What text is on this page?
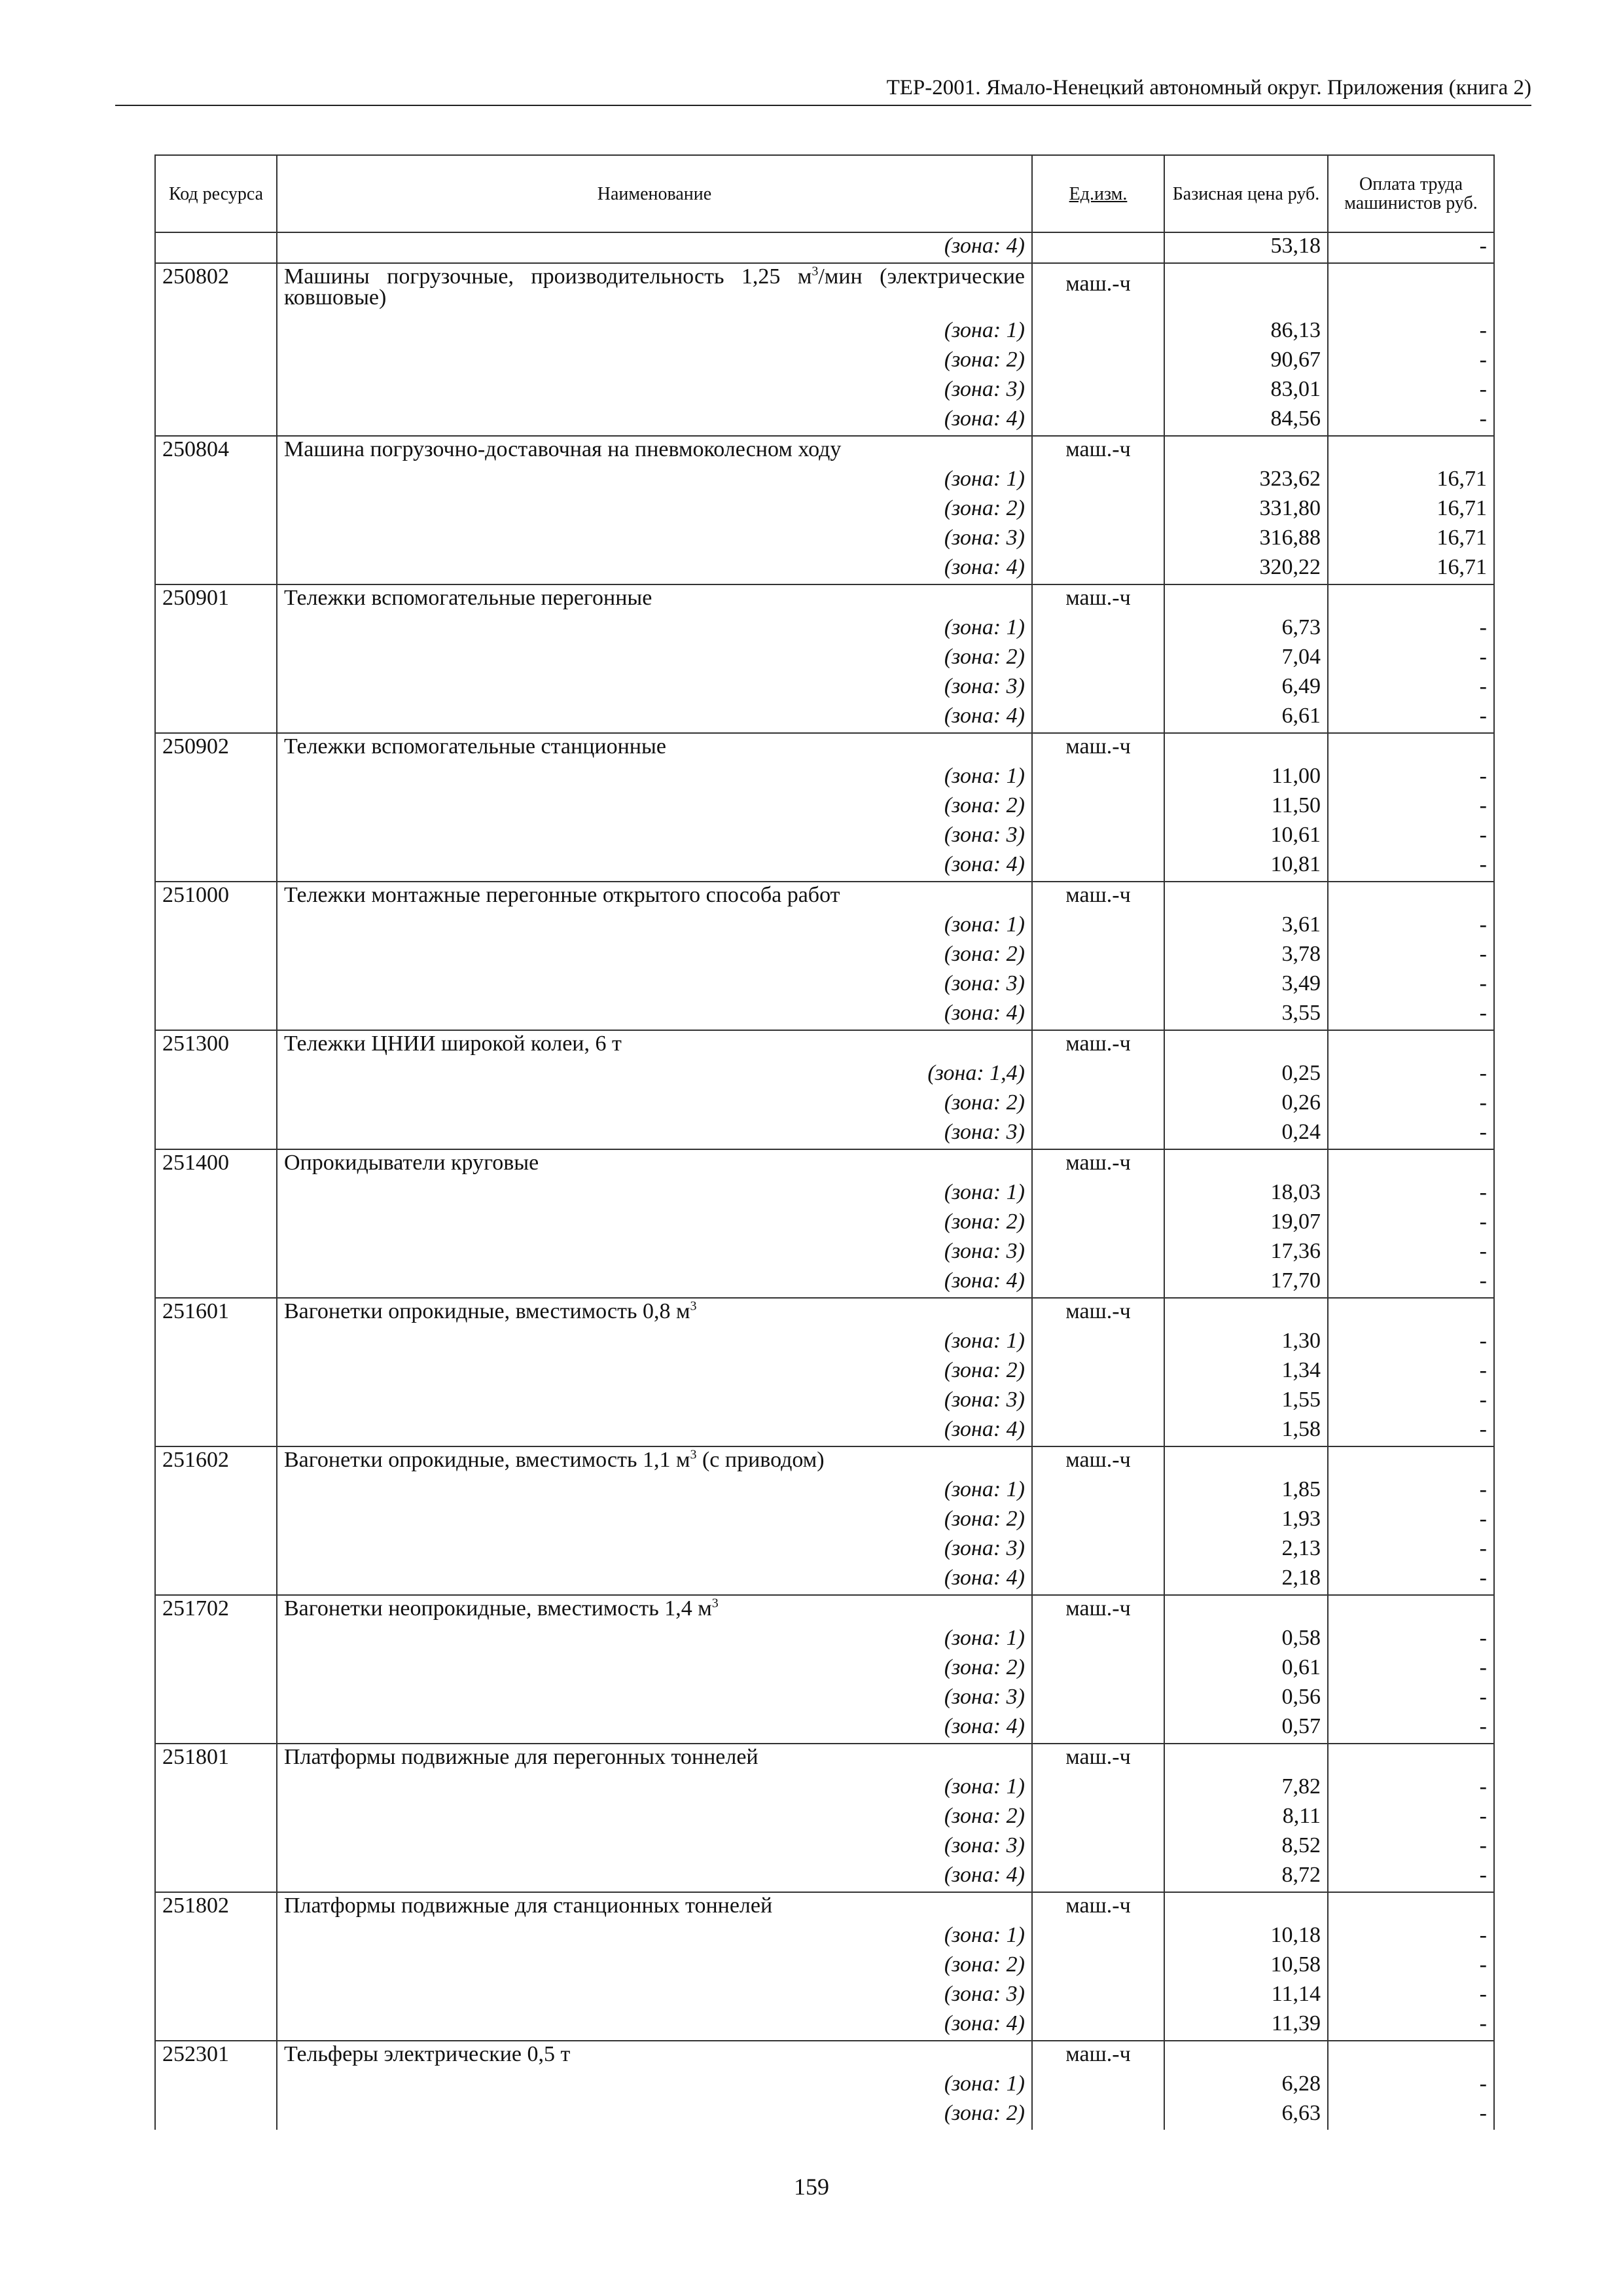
ТЕР-2001. Ямало-Ненецкий автономный округ. Приложения (книга 2)
Код ресурса	Наименование	Ед.изм.	Базисная цена руб.	Оплата труда машинистов руб.
	(зона: 4)		53,18	-
250802	Машины погрузочные, производительность 1,25 $м^3$/мин (электрические ковшовые)	маш.-ч		
	(зона: 1)		86,13	-
	(зона: 2)		90,67	-
	(зона: 3)		83,01	-
	(зона: 4)		84,56	-
250804	Машина погрузочно-доставочная на пневмоколесном ходу	маш.-ч		
	(зона: 1)		323,62	16,71
	(зона: 2)		331,80	16,71
	(зона: 3)		316,88	16,71
	(зона: 4)		320,22	16,71
250901	Тележки вспомогательные перегонные	маш.-ч		
	(зона: 1)		6,73	-
	(зона: 2)		7,04	-
	(зона: 3)		6,49	-
	(зона: 4)		6,61	-
250902	Тележки вспомогательные станционные	маш.-ч		
	(зона: 1)		11,00	-
	(зона: 2)		11,50	-
	(зона: 3)		10,61	-
	(зона: 4)		10,81	-
251000	Тележки монтажные перегонные открытого способа работ	маш.-ч		
	(зона: 1)		3,61	-
	(зона: 2)		3,78	-
	(зона: 3)		3,49	-
	(зона: 4)		3,55	-
251300	Тележки ЦНИИ широкой колеи, 6 т	маш.-ч		
	(зона: 1,4)		0,25	-
	(зона: 2)		0,26	-
	(зона: 3)		0,24	-
251400	Опрокидыватели круговые	маш.-ч		
	(зона: 1)		18,03	-
	(зона: 2)		19,07	-
	(зона: 3)		17,36	-
	(зона: 4)		17,70	-
251601	Вагонетки опрокидные, вместимость 0,8 $м^3$	маш.-ч		
	(зона: 1)		1,30	-
	(зона: 2)		1,34	-
	(зона: 3)		1,55	-
	(зона: 4)		1,58	-
251602	Вагонетки опрокидные, вместимость 1,1 $м^3$ (с приводом)	маш.-ч		
	(зона: 1)		1,85	-
	(зона: 2)		1,93	-
	(зона: 3)		2,13	-
	(зона: 4)		2,18	-
251702	Вагонетки неопрокидные, вместимость 1,4 $м^3$	маш.-ч		
	(зона: 1)		0,58	-
	(зона: 2)		0,61	-
	(зона: 3)		0,56	-
	(зона: 4)		0,57	-
251801	Платформы подвижные для перегонных тоннелей	маш.-ч		
	(зона: 1)		7,82	-
	(зона: 2)		8,11	-
	(зона: 3)		8,52	-
	(зона: 4)		8,72	-
251802	Платформы подвижные для станционных тоннелей	маш.-ч		
	(зона: 1)		10,18	-
	(зона: 2)		10,58	-
	(зона: 3)		11,14	-
	(зона: 4)		11,39	-
252301	Тельферы электрические 0,5 т	маш.-ч		
	(зона: 1)		6,28	-
	(зона: 2)		6,63	-
159
